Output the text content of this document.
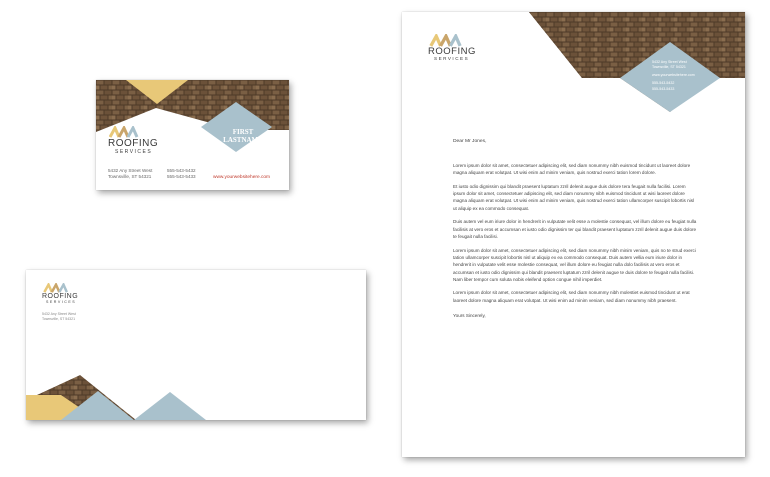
ROOFING
SERVICES
FIRST
LASTNAME
5432 Any Street West
Townsville, ST 54321
555-543-5432
555-543-5433	www.yourwebsitehere.com
ROOFING
SERVICES
5432 Any Street West
Townsville, ST 54321
ROOFING
SERVICES
5432 Any Street West
Townsville, ST 54321
www.yourwebsitehere.com
555-543-5432
555-543-5433

Dear Mr Jones,

Lorem ipsum dolor sit amet, consectetuer adipiscing elit, sed diam nonummy nibh euismod tincidunt ut laoreet dolore magna aliquam erat volutpat. Ut wisi enim ad minim veniam, quis nostrud exerci tation lorem dolore.

Et iusto odio dignissim qui blandit praesent luptatum zzril delenit augue duis dolore tera feugait nulla facilisi. Lorem ipsum dolor sit amet, consectetuer adipiscing elit, sed diam nonummy nibh euismod tincidunt ut wisi laoreet dolore magna aliquam erat volutpat. Ut wisi enim ad minim veniam, quis nostrud exerci tation ullamcorper suscipit lobortis nisl ut aliquip ex ea commodo consequat.

Duis autem vel eum iriure dolor in hendrerit in vulputate velit esse a molestie consequat, vel illum dolore eu feugiat nulla facilisis at vero eros et accumsan et iusto odio dignissim ter qui blandit praesent luptatum zzril delenit augue duis dolore te feugait nulla facilisi.

Lorem ipsum dolor sit amet, consectetuer adipiscing elit, sed diam nonummy nibh minim veniam, quis no te strud exerci tation ullamcorper suscipit lobortis nisl ut aliquip ex ea commodo consequat. Duis autem vellia eum iriure dolor in hendrerit in vulputate velit esse molestie consequat, vel illum dolore eu feugiat nulla dolo facilisis at vero eros et accumsan et iusto odio dignissim qui blandit praesent luptatum zzril delenit augue te duis dolore te feugait nulla facilisi. Nam liber tempor cum soluta nobis eleifend option congue nihil imperdiet.

Lorem ipsum dolor sit amet, consectetuer adipiscing elit, sed diam nonummy nibh molestiet euismod tincidunt ut erat laoreet dolore magna aliquam erat volutpat. Ut wisi enim ad minim veniam, sed diam nonummy nibh praesent.

Yours Sincerely,
